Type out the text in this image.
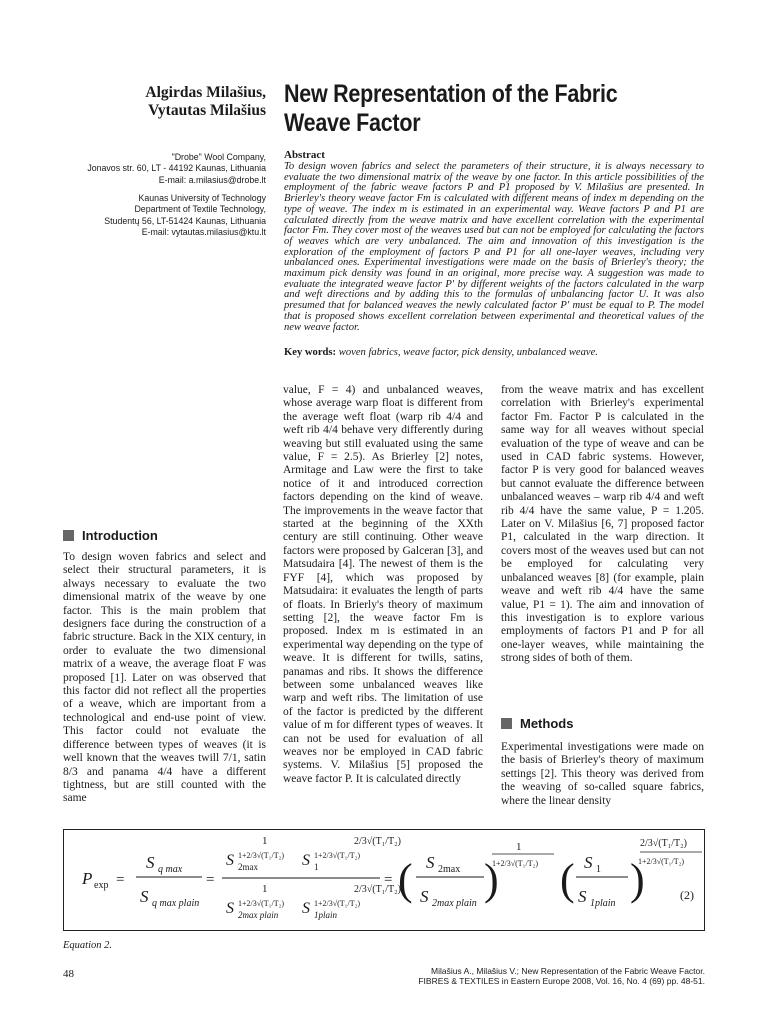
Algirdas Milašius,
Vytautas Milašius
"Drobe" Wool Company,
Jonavos str. 60, LT - 44192 Kaunas, Lithuania
E-mail: a.milasius@drobe.lt
Kaunas University of Technology
Department of Textile Technology,
Studentų 56, LT-51424 Kaunas, Lithuania
E-mail: vytautas.milasius@ktu.lt
New Representation of the Fabric Weave Factor
Abstract
To design woven fabrics and select the parameters of their structure, it is always necessary to evaluate the two dimensional matrix of the weave by one factor. In this article possibilities of the employment of the fabric weave factors P and P1 proposed by V. Milašius are presented. In Brierley's theory weave factor Fm is calculated with different means of index m depending on the type of weave. The index m is estimated in an experimental way. Weave factors P and P1 are calculated directly from the weave matrix and have excellent correlation with the experimental factor Fm. They cover most of the weaves used but can not be employed for calculating the factors of weaves which are very unbalanced. The aim and innovation of this investigation is the exploration of the employment of factors P and P1 for all one-layer weaves, including very unbalanced ones. Experimental investigations were made on the basis of Brierley's theory; the maximum pick density was found in an original, more precise way. A suggestion was made to evaluate the integrated weave factor P' by different weights of the factors calculated in the warp and weft directions and by adding this to the formulas of unbalancing factor U. It was also presumed that for balanced weaves the newly calculated factor P' must be equal to P. The model that is proposed shows excellent correlation between experimental and theoretical values of the new weave factor.
Key words: woven fabrics, weave factor, pick density, unbalanced weave.
Introduction
To design woven fabrics and select and select their structural parameters, it is always necessary to evaluate the two dimensional matrix of the weave by one factor. This is the main problem that designers face during the construction of a fabric structure. Back in the XIX century, in order to evaluate the two dimensional matrix of a weave, the average float F was proposed [1]. Later on was observed that this factor did not reflect all the properties of a weave, which are important from a technological and end-use point of view. This factor could not evaluate the difference between types of weaves (it is well known that the weaves twill 7/1, satin 8/3 and panama 4/4 have a different tightness, but are still counted with the same
value, F = 4) and unbalanced weaves, whose average warp float is different from the average weft float (warp rib 4/4 and weft rib 4/4 behave very differently during weaving but still evaluated using the same value, F = 2.5). As Brierley [2] notes, Armitage and Law were the first to take notice of it and introduced correction factors depending on the kind of weave. The improvements in the weave factor that started at the beginning of the XXth century are still continuing. Other weave factors were proposed by Galceran [3], and Matsudaira [4]. The newest of them is the FYF [4], which was proposed by Matsudaira: it evaluates the length of parts of floats. In Brierly's theory of maximum setting [2], the weave factor Fm is proposed. Index m is estimated in an experimental way depending on the type of weave. It is different for twills, satins, panamas and ribs. It shows the difference between some unbalanced weaves like warp and weft ribs. The limitation of use of the factor is predicted by the different value of m for different types of weaves. It can not be used for evaluation of all weaves nor be employed in CAD fabric systems. V. Milašius [5] proposed the weave factor P. It is calculated directly
from the weave matrix and has excellent correlation with Brierley's experimental factor Fm. Factor P is calculated in the same way for all weaves without special evaluation of the type of weave and can be used in CAD fabric systems. However, factor P is very good for balanced weaves but cannot evaluate the difference between unbalanced weaves – warp rib 4/4 and weft rib 4/4 have the same value, P = 1.205. Later on V. Milašius [6, 7] proposed factor P1, calculated in the warp direction. It covers most of the weaves used but can not be employed for calculating very unbalanced weaves [8] (for example, plain weave and weft rib 4/4 have the same value, P1 = 1). The aim and innovation of this investigation is to explore various employments of factors P1 and P for all one-layer weaves, while maintaining the strong sides of both of them.
Methods
Experimental investigations were made on the basis of Brierley's theory of maximum settings [2]. This theory was derived from the weaving of so-called square fabrics, where the linear density
P exp =
S q max
S q max plain
=
1	2/3√(T₁/T₂)
S 1+2/3√(T₁/T₂)
2max	S 1+2/3√(T₁/T₂)
1
1	2/3√(T₁/T₂)
S 1+2/3√(T₁/T₂)
2max plain S 1+2/3√(T₁/T₂)
1plain
= ( S 2max
S 2max plain )
1
1+2/3√(T₁/T₂) ( S 1
S 1plain )
2/3√(T₁/T₂)
1+2/3√(T₁/T₂)
(2)
Equation 2.
48	Milašius A., Milašius V.; New Representation of the Fabric Weave Factor.
FIBRES & TEXTILES in Eastern Europe 2008, Vol. 16, No. 4 (69) pp. 48-51.
